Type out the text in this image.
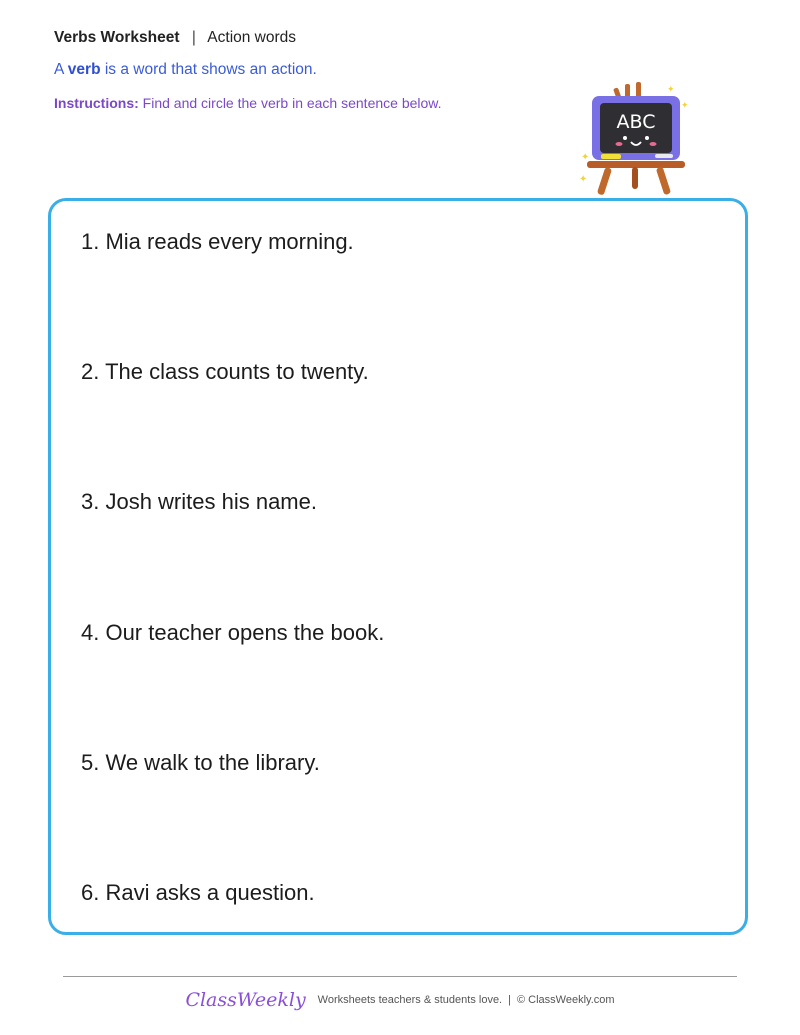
Verbs Worksheet | Action words
A verb is a word that shows an action.
Instructions: Find and circle the verb in each sentence below.
ABC
✦
✦
✦
✦
1. Mia reads every morning.
2. The class counts to twenty.
3. Josh writes his name.
4. Our teacher opens the book.
5. We walk to the library.
6. Ravi asks a question.
ClassWeekly Worksheets teachers & students love. | © ClassWeekly.com
